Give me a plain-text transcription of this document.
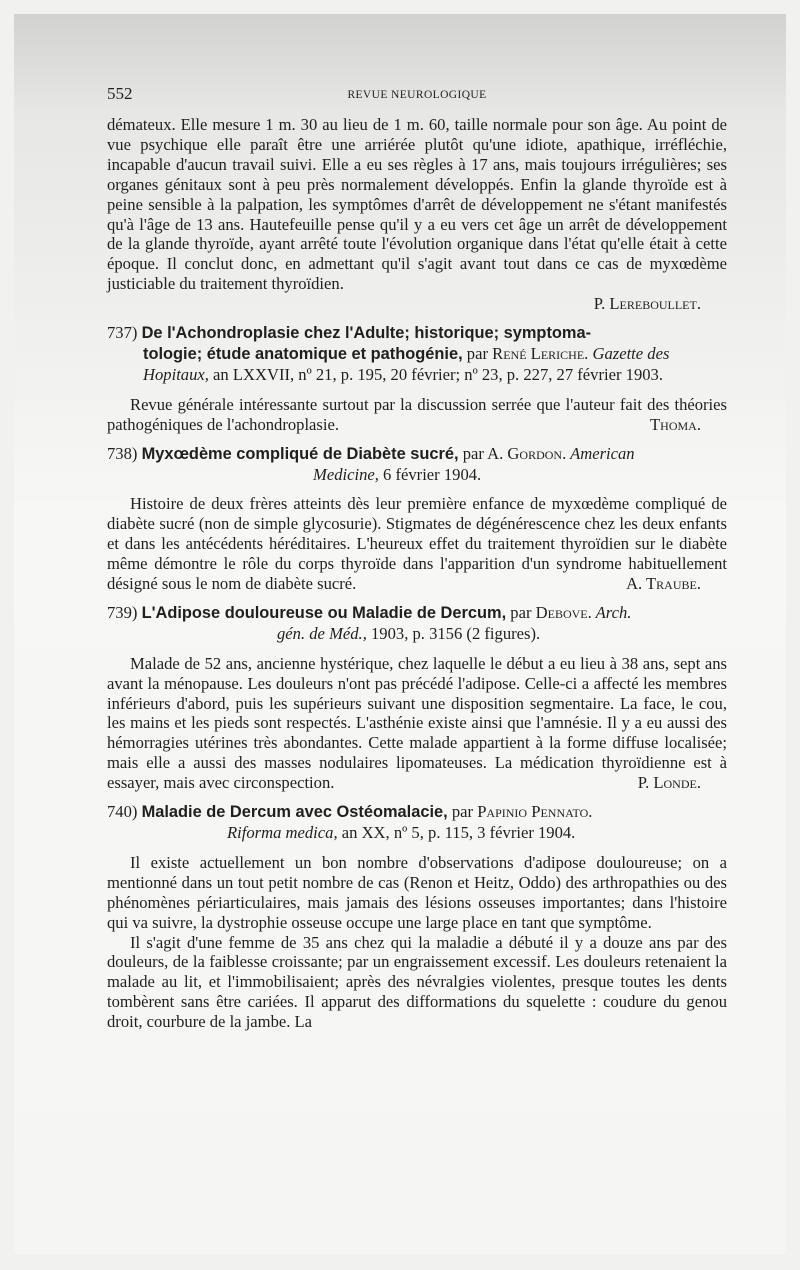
552	REVUE NEUROLOGIQUE

dématеux. Elle mesure 1 m. 30 au lieu de 1 m. 60, taille normale pour son âge. Au point de vue psychique elle paraît être une arriérée plutôt qu'une idiote, apathique, irréfléchie, incapable d'aucun travail suivi. Elle a eu ses règles à 17 ans, mais toujours irrégulières; ses organes génitaux sont à peu près normalement développés. Enfin la glande thyroïde est à peine sensible à la palpation, les symptômes d'arrêt de développement ne s'étant manifestés qu'à l'âge de 13 ans. Hautefeuille pense qu'il y a eu vers cet âge un arrêt de développement de la glande thyroïde, ayant arrêté toute l'évolution organique dans l'état qu'elle était à cette époque. Il conclut donc, en admettant qu'il s'agit avant tout dans ce cas de myxœdème justiciable du traitement thyroïdien.

P. Lereboullet.
737) De l'Achondroplasie chez l'Adulte; historique; symptoma-
tologie; étude anatomique et pathogénie, par René Leriche. Gazette des
Hopitaux, an LXXVII, nº 21, p. 195, 20 février; nº 23, p. 227, 27 février 1903.

Revue générale intéressante surtout par la discussion serrée que l'auteur fait des théories pathogéniques de l'achondroplasie.	Thoma.

738) Myxœdème compliqué de Diabète sucré, par A. Gordon. American
Medicine, 6 février 1904.

Histoire de deux frères atteints dès leur première enfance de myxœdème compliqué de diabète sucré (non de simple glycosurie). Stigmates de dégénérescence chez les deux enfants et dans les antécédents héréditaires. L'heureux effet du traitement thyroïdien sur le diabète même démontre le rôle du corps thyroïde dans l'apparition d'un syndrome habituellement désigné sous le nom de diabète sucré.	A. Traube.

739) L'Adipose douloureuse ou Maladie de Dercum, par Debove. Arch.
gén. de Méd., 1903, p. 3156 (2 figures).

Malade de 52 ans, ancienne hystérique, chez laquelle le début a eu lieu à 38 ans, sept ans avant la ménopause. Les douleurs n'ont pas précédé l'adipose. Celle-ci a affecté les membres inférieurs d'abord, puis les supérieurs suivant une disposition segmentaire. La face, le cou, les mains et les pieds sont respectés. L'asthénie existe ainsi que l'amnésie. Il y a eu aussi des hémorragies utérines très abondantes. Cette malade appartient à la forme diffuse localisée; mais elle a aussi des masses nodulaires lipomateuses. La médication thyroïdienne est à essayer, mais avec circonspection.	P. Londe.

740) Maladie de Dercum avec Ostéomalacie, par Papinio Pennato.
Riforma medica, an XX, nº 5, p. 115, 3 février 1904.

Il existe actuellement un bon nombre d'observations d'adipose douloureuse; on a mentionné dans un tout petit nombre de cas (Renon et Heitz, Oddo) des arthropathies ou des phénomènes périarticulaires, mais jamais des lésions osseuses importantes; dans l'histoire qui va suivre, la dystrophie osseuse occupe une large place en tant que symptôme.

Il s'agit d'une femme de 35 ans chez qui la maladie a débuté il y a douze ans par des douleurs, de la faiblesse croissante; par un engraissement excessif. Les douleurs retenaient la malade au lit, et l'immobilisaient; après des névralgies violentes, presque toutes les dents tombèrent sans être cariées. Il apparut des difformations du squelette : coudure du genou droit, courbure de la jambe. La
